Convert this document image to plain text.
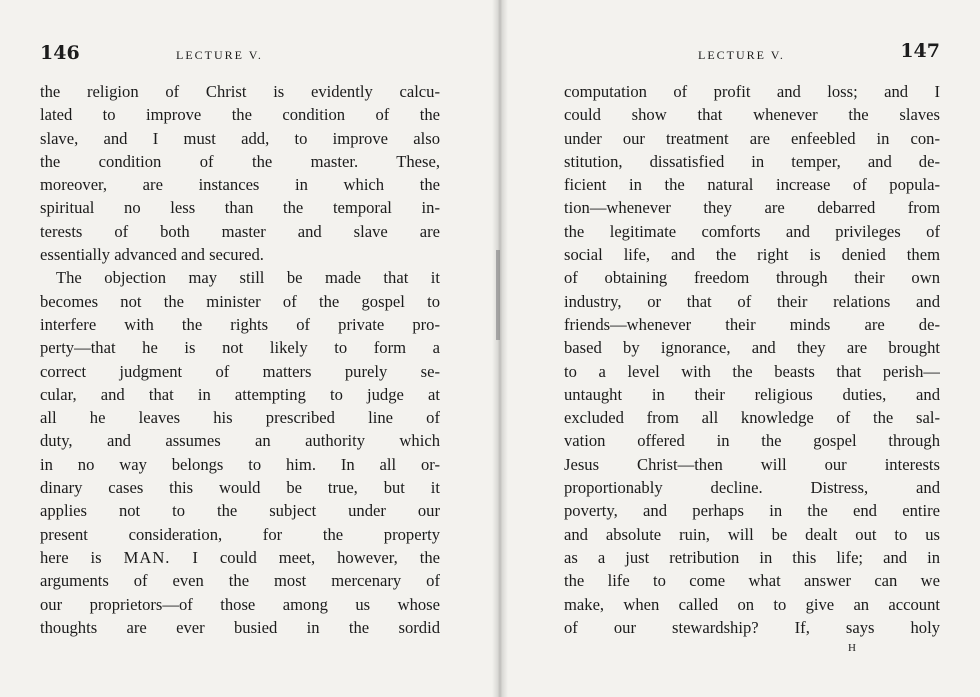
146	LECTURE V.
the religion of Christ is evidently calcu-
lated to improve the condition of the
slave, and I must add, to improve also
the condition of the master. These,
moreover, are instances in which the
spiritual no less than the temporal in-
terests of both master and slave are
essentially advanced and secured.
The objection may still be made that it
becomes not the minister of the gospel to
interfere with the rights of private pro-
perty—that he is not likely to form a
correct judgment of matters purely se-
cular, and that in attempting to judge at
all he leaves his prescribed line of
duty, and assumes an authority which
in no way belongs to him. In all or-
dinary cases this would be true, but it
applies not to the subject under our
present consideration, for the property
here is MAN. I could meet, however, the
arguments of even the most mercenary of
our proprietors—of those among us whose
thoughts are ever busied in the sordid
LECTURE V.	147
computation of profit and loss; and I
could show that whenever the slaves
under our treatment are enfeebled in con-
stitution, dissatisfied in temper, and de-
ficient in the natural increase of popula-
tion—whenever they are debarred from
the legitimate comforts and privileges of
social life, and the right is denied them
of obtaining freedom through their own
industry, or that of their relations and
friends—whenever their minds are de-
based by ignorance, and they are brought
to a level with the beasts that perish—
untaught in their religious duties, and
excluded from all knowledge of the sal-
vation offered in the gospel through
Jesus Christ—then will our interests
proportionably decline. Distress, and
poverty, and perhaps in the end entire
and absolute ruin, will be dealt out to us
as a just retribution in this life; and in
the life to come what answer can we
make, when called on to give an account
of our stewardship? If, says holy
H
